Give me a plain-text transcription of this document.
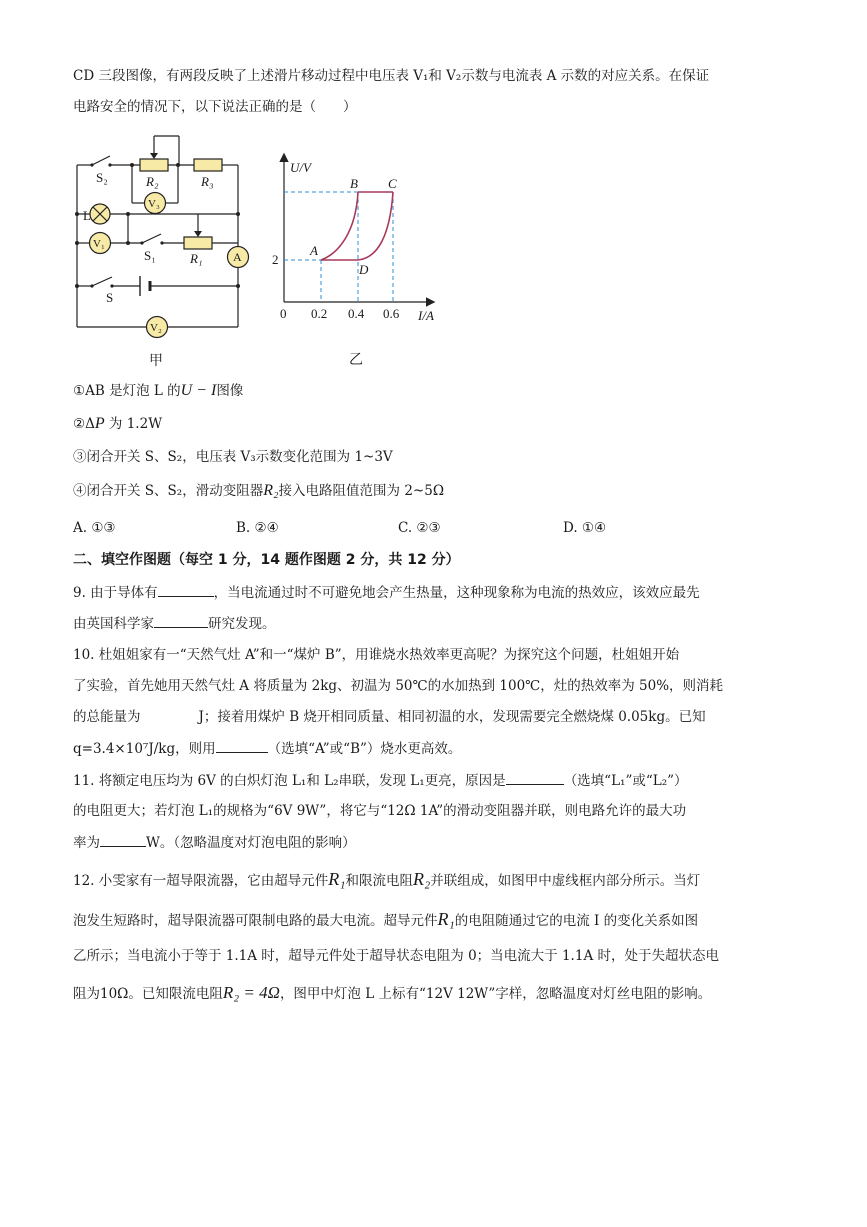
CD 三段图像，有两段反映了上述滑片移动过程中电压表 V₁和 V₂示数与电流表 A 示数的对应关系。在保证
电路安全的情况下，以下说法正确的是（　　）
S₂	R₂	R₃
V₃
L
V₁
S₁	R₁	A
S
V₂
甲
U/V
I/A
0
2
0.2 0.4 0.6
A
B C
D
乙
①AB 是灯泡 L 的U − I图像
②ΔP 为 1.2W
③闭合开关 S、S₂，电压表 V₃示数变化范围为 1~3V
④闭合开关 S、S₂，滑动变阻器R₂接入电路阻值范围为 2~5Ω
A. ①③	B. ②④	C. ②③	D. ①④
二、填空作图题（每空 1 分，14 题作图题 2 分，共 12 分）
9. 由于导体有	，当电流通过时不可避免地会产生热量，这种现象称为电流的热效应，该效应最先
由英国科学家	研究发现。
10. 杜姐姐家有一“天然气灶 A”和一“煤炉 B”，用谁烧水热效率更高呢？为探究这个问题，杜姐姐开始
了实验，首先她用天然气灶 A 将质量为 2kg、初温为 50℃的水加热到 100℃，灶的热效率为 50%，则消耗
的总能量为	J；接着用煤炉 B 烧开相同质量、相同初温的水，发现需要完全燃烧煤 0.05kg。已知
q=3.4×10⁷J/kg，则用	（选填“A”或“B”）烧水更高效。
11. 将额定电压均为 6V 的白炽灯泡 L₁和 L₂串联，发现 L₁更亮，原因是	（选填“L₁”或“L₂”）
的电阻更大；若灯泡 L₁的规格为“6V 9W”，将它与“12Ω 1A”的滑动变阻器并联，则电路允许的最大功
率为	W。（忽略温度对灯泡电阻的影响）
12. 小雯家有一超导限流器，它由超导元件R₁和限流电阻R₂并联组成，如图甲中虚线框内部分所示。当灯
泡发生短路时，超导限流器可限制电路的最大电流。超导元件R₁的电阻随通过它的电流 I 的变化关系如图
乙所示；当电流小于等于 1.1A 时，超导元件处于超导状态电阻为 0；当电流大于 1.1A 时，处于失超状态电
阻为10Ω。已知限流电阻R₂ = 4Ω，图甲中灯泡 L 上标有“12V 12W”字样，忽略温度对灯丝电阻的影响。
